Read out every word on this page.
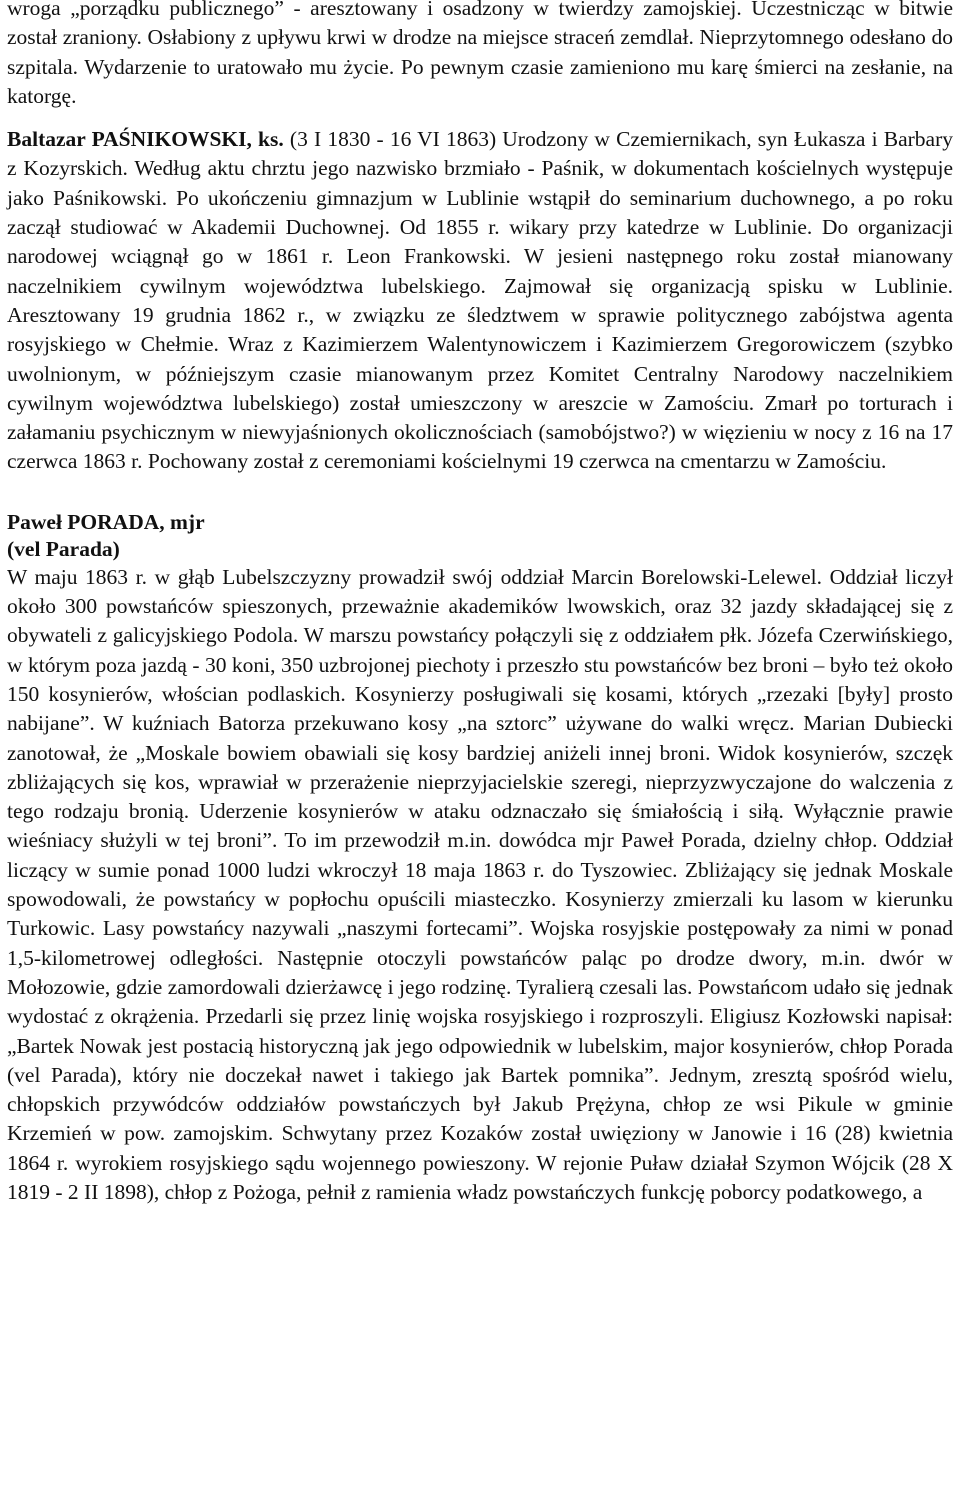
wroga „porządku publicznego” - aresztowany i osadzony w twierdzy zamojskiej. Uczestnicząc w bitwie został zraniony. Osłabiony z upływu krwi w drodze na miejsce straceń zemdlał. Nieprzytomnego odesłano do szpitala. Wydarzenie to uratowało mu życie. Po pewnym czasie zamieniono mu karę śmierci na zesłanie, na katorgę.

Baltazar PAŚNIKOWSKI, ks. (3 I 1830 - 16 VI 1863) Urodzony w Czemiernikach, syn Łukasza i Barbary z Kozyrskich. Według aktu chrztu jego nazwisko brzmiało - Paśnik, w dokumentach kościelnych występuje jako Paśnikowski. Po ukończeniu gimnazjum w Lublinie wstąpił do seminarium duchownego, a po roku zaczął studiować w Akademii Duchownej. Od 1855 r. wikary przy katedrze w Lublinie. Do organizacji narodowej wciągnął go w 1861 r. Leon Frankowski. W jesieni następnego roku został mianowany naczelnikiem cywilnym województwa lubelskiego. Zajmował się organizacją spisku w Lublinie. Aresztowany 19 grudnia 1862 r., w związku ze śledztwem w sprawie politycznego zabójstwa agenta rosyjskiego w Chełmie. Wraz z Kazimierzem Walentynowiczem i Kazimierzem Gregorowiczem (szybko uwolnionym, w późniejszym czasie mianowanym przez Komitet Centralny Narodowy naczelnikiem cywilnym województwa lubelskiego) został umieszczony w areszcie w Zamościu. Zmarł po torturach i załamaniu psychicznym w niewyjaśnionych okolicznościach (samobójstwo?) w więzieniu w nocy z 16 na 17 czerwca 1863 r. Pochowany został z ceremoniami kościelnymi 19 czerwca na cmentarzu w Zamościu.

Paweł PORADA, mjr

(vel Parada)

W maju 1863 r. w głąb Lubelszczyzny prowadził swój oddział Marcin Borelowski-Lelewel. Oddział liczył około 300 powstańców spieszonych, przeważnie akademików lwowskich, oraz 32 jazdy składającej się z obywateli z galicyjskiego Podola. W marszu powstańcy połączyli się z oddziałem płk. Józefa Czerwińskiego, w którym poza jazdą - 30 koni, 350 uzbrojonej piechoty i przeszło stu powstańców bez broni – było też około 150 kosynierów, włościan podlaskich. Kosynierzy posługiwali się kosami, których „rzezaki [były] prosto nabijane”. W kuźniach Batorza przekuwano kosy „na sztorc” używane do walki wręcz. Marian Dubiecki zanotował, że „Moskale bowiem obawiali się kosy bardziej aniżeli innej broni. Widok kosynierów, szczęk zbliżających się kos, wprawiał w przerażenie nieprzyjacielskie szeregi, nieprzyzwyczajone do walczenia z tego rodzaju bronią. Uderzenie kosynierów w ataku odznaczało się śmiałością i siłą. Wyłącznie prawie wieśniacy służyli w tej broni”. To im przewodził m.in. dowódca mjr Paweł Porada, dzielny chłop. Oddział liczący w sumie ponad 1000 ludzi wkroczył 18 maja 1863 r. do Tyszowiec. Zbliżający się jednak Moskale spowodowali, że powstańcy w popłochu opuścili miasteczko. Kosynierzy zmierzali ku lasom w kierunku Turkowic. Lasy powstańcy nazywali „naszymi fortecami”. Wojska rosyjskie postępowały za nimi w ponad 1,5-kilometrowej odległości. Następnie otoczyli powstańców paląc po drodze dwory, m.in. dwór w Mołozowie, gdzie zamordowali dzierżawcę i jego rodzinę. Tyralierą czesali las. Powstańcom udało się jednak wydostać z okrążenia. Przedarli się przez linię wojska rosyjskiego i rozproszyli. Eligiusz Kozłowski napisał: „Bartek Nowak jest postacią historyczną jak jego odpowiednik w lubelskim, major kosynierów, chłop Porada (vel Parada), który nie doczekał nawet i takiego jak Bartek pomnika”. Jednym, zresztą spośród wielu, chłopskich przywódców oddziałów powstańczych był Jakub Prężyna, chłop ze wsi Pikule w gminie Krzemień w pow. zamojskim. Schwytany przez Kozaków został uwięziony w Janowie i 16 (28) kwietnia 1864 r. wyrokiem rosyjskiego sądu wojennego powieszony. W rejonie Puław działał Szymon Wójcik (28 X 1819 - 2 II 1898), chłop z Pożoga, pełnił z ramienia władz powstańczych funkcję poborcy podatkowego, a
